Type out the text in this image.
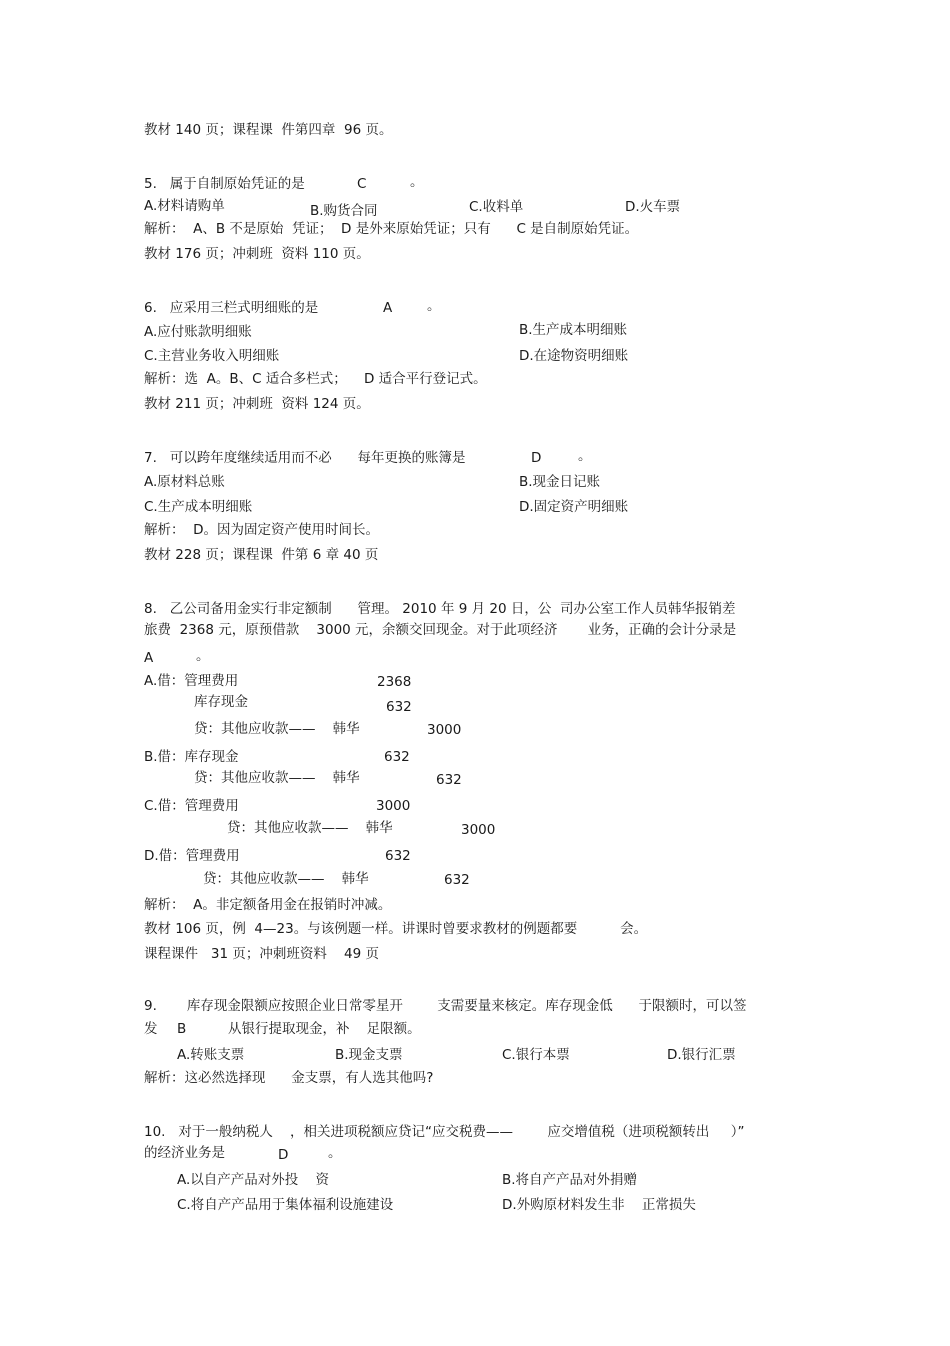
教材 140 页；课程课  件第四章  96 页。
5.   属于自制原始凭证的是	C	。
A.材料请购单	B.购货合同	C.收料单	D.火车票
解析：  A、B 不是原始  凭证；  D 是外来原始凭证；只有      C 是自制原始凭证。
教材 176 页；冲刺班  资料 110 页。
6.   应采用三栏式明细账的是	A	。
A.应付账款明细账	B.生产成本明细账
C.主营业务收入明细账	D.在途物资明细账
解析：选  A。B、C 适合多栏式；    D 适合平行登记式。
教材 211 页；冲刺班  资料 124 页。
7.   可以跨年度继续适用而不必      每年更换的账簿是	D	。
A.原材料总账	B.现金日记账
C.生产成本明细账	D.固定资产明细账
解析：  D。因为固定资产使用时间长。
教材 228 页；课程课  件第 6 章 40 页
8.   乙公司备用金实行非定额制      管理。 2010 年 9 月 20 日，公  司办公室工作人员韩华报销差
旅费  2368 元，原预借款    3000 元，余额交回现金。对于此项经济       业务，正确的会计分录是
A	。
A.借：管理费用	2368
库存现金	632
贷：其他应收款——    韩华	3000
B.借：库存现金	632
贷：其他应收款——    韩华	632
C.借：管理费用	3000
贷：其他应收款——    韩华	3000
D.借：管理费用	632
贷：其他应收款——    韩华	632
解析：  A。非定额备用金在报销时冲减。
教材 106 页，例  4—23。与该例题一样。讲课时曾要求教材的例题都要          会。
课程课件   31 页；冲刺班资料    49 页
9.       库存现金限额应按照企业日常零星开        支需要量来核定。库存现金低      于限额时，可以签
发 B	从银行提取现金，补    足限额。
A.转账支票	B.现金支票	C.银行本票	D.银行汇票
解析：这必然选择现      金支票，有人选其他吗?
10.   对于一般纳税人    ，相关进项税额应贷记“应交税费——        应交增值税（进项税额转出     ）”
的经济业务是	D	。
A.以自产产品对外投    资	B.将自产产品对外捐赠
C.将自产产品用于集体福利设施建设	D.外购原材料发生非    正常损失
